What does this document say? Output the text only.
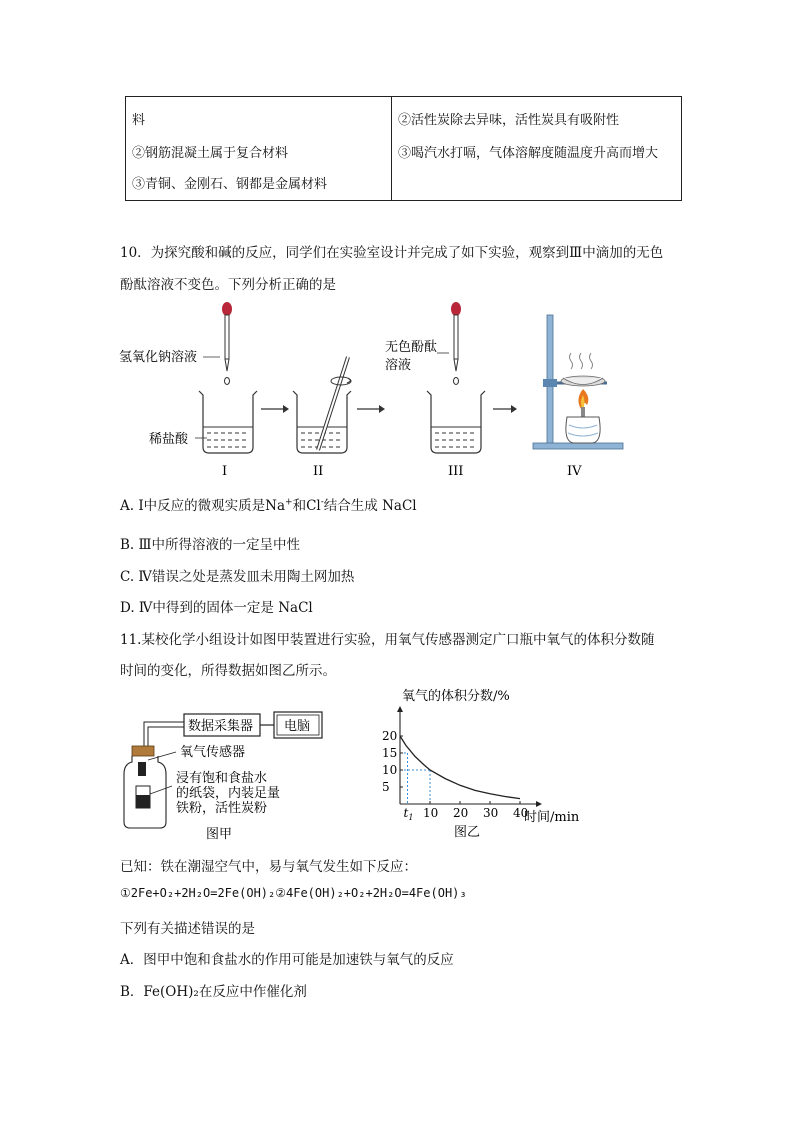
料
②钢筋混凝土属于复合材料
③青铜、金刚石、钢都是金属材料
②活性炭除去异味，活性炭具有吸附性
③喝汽水打嗝，气体溶解度随温度升高而增大
10．为探究酸和碱的反应，同学们在实验室设计并完成了如下实验，观察到Ⅲ中滴加的无色
酚酞溶液不变色。下列分析正确的是
氢氧化钠溶液
稀盐酸
I	II
无色酚酞
溶液
III	IV
A. Ⅰ中反应的微观实质是Na+和Cl-结合生成 NaCl
B. Ⅲ中所得溶液的一定呈中性
C. Ⅳ错误之处是蒸发皿未用陶土网加热
D. Ⅳ中得到的固体一定是 NaCl
11.某校化学小组设计如图甲装置进行实验，用氧气传感器测定广口瓶中氧气的体积分数随
时间的变化，所得数据如图乙所示。
数据采集器 电脑
氧气传感器
浸有饱和食盐水
的纸袋，内装足量
铁粉，活性炭粉
图甲
氧气的体积分数/%
10 20 30 40
5
10
15
20
时间/min
$t_1$
图乙
已知：铁在潮湿空气中，易与氧气发生如下反应：
①2Fe+O₂+2H₂O=2Fe(OH)₂②4Fe(OH)₂+O₂+2H₂O=4Fe(OH)₃
下列有关描述错误的是
A．图甲中饱和食盐水的作用可能是加速铁与氧气的反应
B．Fe(OH)₂在反应中作催化剂
